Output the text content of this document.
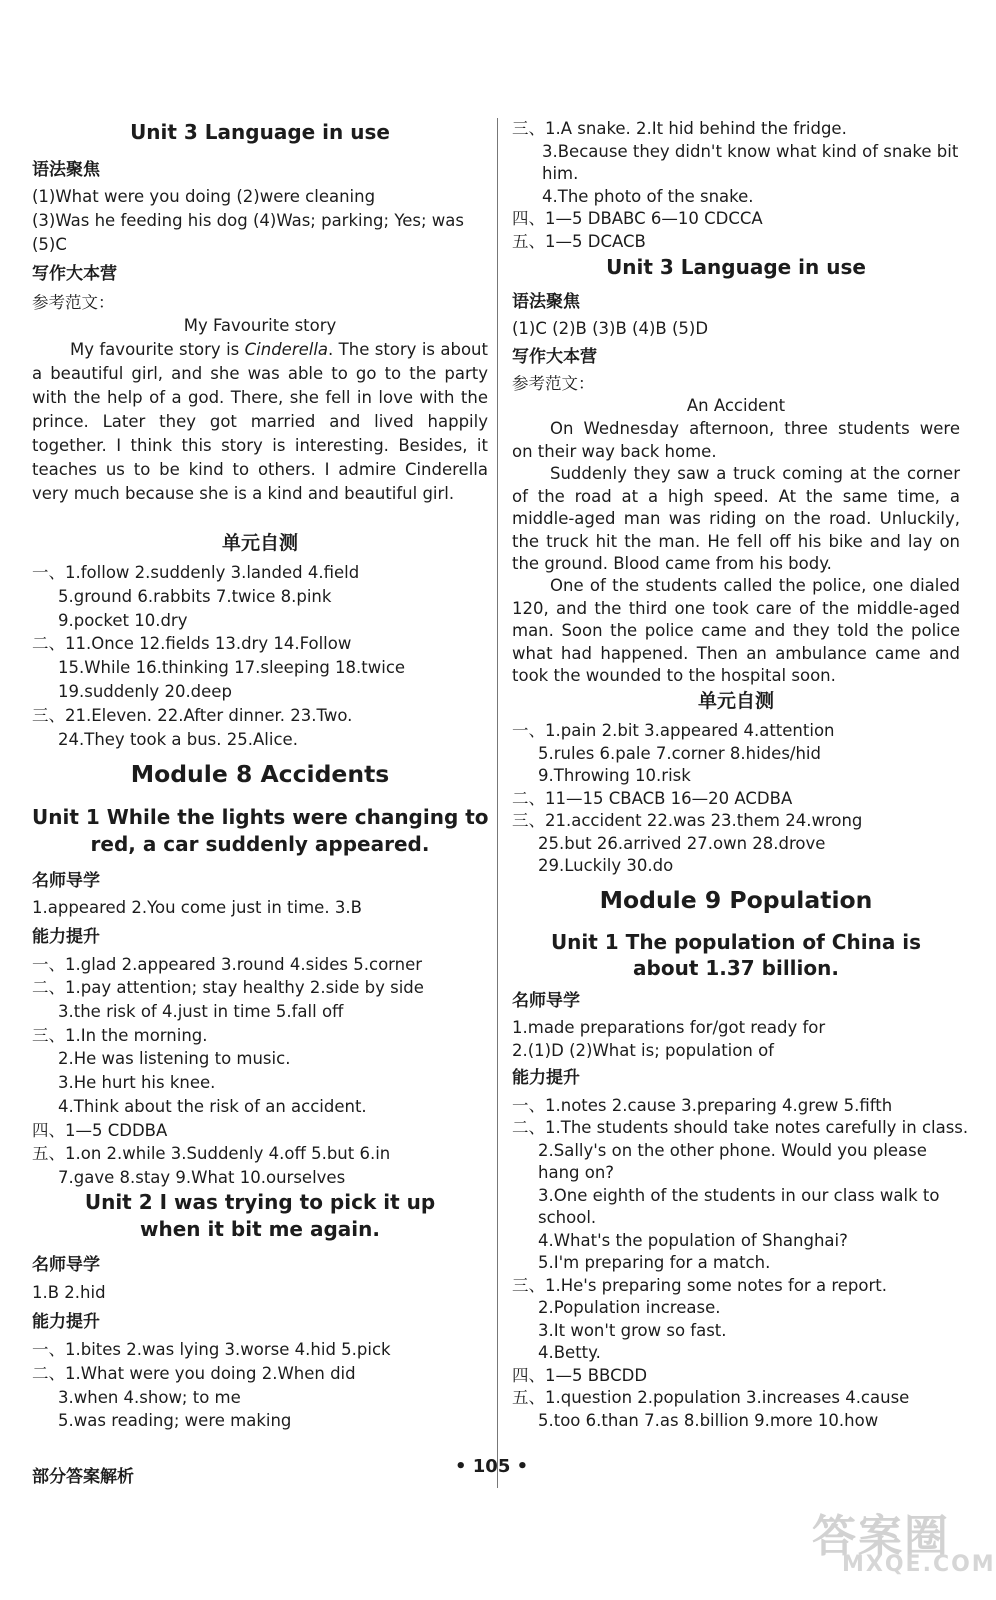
Unit 3 Language in use
语法聚焦
(1)What were you doing (2)were cleaning
(3)Was he feeding his dog (4)Was; parking; Yes; was
(5)C
写作大本营
参考范文：
My Favourite story
My favourite story is Cinderella. The story is about a beautiful girl, and she was able to go to the party with the help of a god. There, she fell in love with the prince. Later they got married and lived happily together. I think this story is interesting. Besides, it teaches us to be kind to others. I admire Cinderella very much because she is a kind and beautiful girl.
单元自测
一、1.follow 2.suddenly 3.landed 4.field
5.ground 6.rabbits 7.twice 8.pink
9.pocket 10.dry
二、11.Once 12.fields 13.dry 14.Follow
15.While 16.thinking 17.sleeping 18.twice
19.suddenly 20.deep
三、21.Eleven. 22.After dinner. 23.Two.
24.They took a bus. 25.Alice.
Module 8 Accidents
Unit 1 While the lights were changing to
red, a car suddenly appeared.
名师导学
1.appeared 2.You come just in time. 3.B
能力提升
一、1.glad 2.appeared 3.round 4.sides 5.corner
二、1.pay attention; stay healthy 2.side by side
3.the risk of 4.just in time 5.fall off
三、1.In the morning.
2.He was listening to music.
3.He hurt his knee.
4.Think about the risk of an accident.
四、1—5 CDDBA
五、1.on 2.while 3.Suddenly 4.off 5.but 6.in
7.gave 8.stay 9.What 10.ourselves
Unit 2 I was trying to pick it up
when it bit me again.
名师导学
1.B 2.hid
能力提升
一、1.bites 2.was lying 3.worse 4.hid 5.pick
二、1.What were you doing 2.When did
3.when 4.show; to me
5.was reading; were making
三、1.A snake. 2.It hid behind the fridge.
3.Because they didn't know what kind of snake bit
him.
4.The photo of the snake.
四、1—5 DBABC 6—10 CDCCA
五、1—5 DCACB
Unit 3 Language in use
语法聚焦
(1)C (2)B (3)B (4)B (5)D
写作大本营
参考范文：
An Accident
On Wednesday afternoon, three students were on their way back home.
Suddenly they saw a truck coming at the corner of the road at a high speed. At the same time, a middle-aged man was riding on the road. Unluckily, the truck hit the man. He fell off his bike and lay on the ground. Blood came from his body.
One of the students called the police, one dialed 120, and the third one took care of the middle-aged man. Soon the police came and they told the police what had happened. Then an ambulance came and took the wounded to the hospital soon.
单元自测
一、1.pain 2.bit 3.appeared 4.attention
5.rules 6.pale 7.corner 8.hides/hid
9.Throwing 10.risk
二、11—15 CBACB 16—20 ACDBA
三、21.accident 22.was 23.them 24.wrong
25.but 26.arrived 27.own 28.drove
29.Luckily 30.do
Module 9 Population
Unit 1 The population of China is
about 1.37 billion.
名师导学
1.made preparations for/got ready for
2.(1)D (2)What is; population of
能力提升
一、1.notes 2.cause 3.preparing 4.grew 5.fifth
二、1.The students should take notes carefully in class.
2.Sally's on the other phone. Would you please
hang on?
3.One eighth of the students in our class walk to
school.
4.What's the population of Shanghai?
5.I'm preparing for a match.
三、1.He's preparing some notes for a report.
2.Population increase.
3.It won't grow so fast.
4.Betty.
四、1—5 BBCDD
五、1.question 2.population 3.increases 4.cause
5.too 6.than 7.as 8.billion 9.more 10.how
部分答案解析	• 105 •
答案圈
MXQE.COM
